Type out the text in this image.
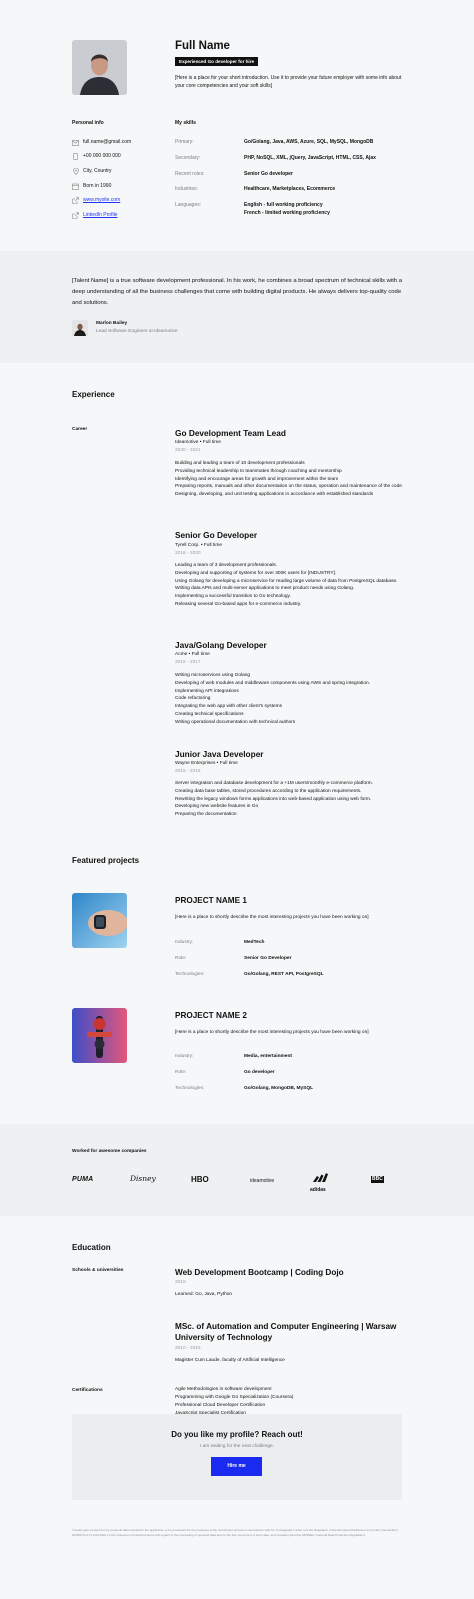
Full Name
Experienced Go developer for hire
[Here is a place for your short introduction. Use it to provide your future employer with some info about your core competencies and your soft skills]
Personal info
full.name@gmail.com
+00 000 000 000
City, Country
Born in 1990
www.mysite.com
LinkedIn Profile
My skills
Primary:	Go/Golang, Java, AWS, Azure, SQL, MySQL, MongoDB
Secondary:	PHP, NoSQL, XML, jQuery, JavaScript, HTML, CSS, Ajax
Recent roles:	Senior Go developer
Industries:	Healthcare, Marketplaces, Ecommerce
Languages:	English - full working proficiency
French - limited working proficiency
[Talent Name] is a true software development professional. In his work, he combines a broad spectrum of technical skills with a deep understanding of all the business challenges that come with building digital products. He always delivers top-quality code and solutions.
Marlon Bailey
Lead Software Engineer at Ideamotive
Experience
Career	Go Development Team Lead
Ideamotive • Full time
2020 - 2021
Building and leading a team of 10 development professionals
Providing technical leadership to teammates through coaching and mentorship
Identifying and encourage areas for growth and improvement within the team
Preparing reports, manuals and other documentation on the status, operation and maintenance of the code
Designing, developing, and unit testing applications in accordance with established standards
Senior Go Developer
Tyrell Corp. • Full time
2018 - 2020
Leading a team of 3 development professionals.
Developing and supporting of systems for over 300K users for [INDUSTRY].
Using Golang for developing a microservice for reading large volume of data from PostgreSQL database.
Writing data APIs and multi-server applications to meet product needs using Golang.
Implementing a successful transition to Go technology.
Releasing several Go-based apps for e-commerce industry.
Java/Golang Developer
Acme • Full time
2016 - 2017
Writing microservices using Golang
Developing of web modules and middleware components using AWS and spring integration.
Implementing API integrations
Code refactoring
Integrating the web app with other client's systems
Creating technical specifications
Writing operational documentation with technical authors
Junior Java Developer
Wayne Enterprises • Full time
2015 - 2016
Server integration and database development for a +1M users/monthly e-commerce platform.
Creating data base tables, stored procedures according to the application requirements.
Rewriting the legacy windows forms applications into web-based application using web form.
Developing new website features in Go
Preparing the documentation
Featured projects
PROJECT NAME 1
[Here is a place to shortly describe the most interesting projects you have been working on]
Industry:	MedTech
Role:	Senior Go Developer
Technologies:	Go/Golang, REST API, PostgreSQL
PROJECT NAME 2
[Here is a place to shortly describe the most interesting projects you have been working on]
Industry:	Media, entertainment
Role:	Go developer
Technologies:	Go/Golang, MongoDB, MySQL
Worked for awesome companies
PUMA	Disney	HBO	ideamotive
adidas
BBC
Education
Schools & universities	Web Development Bootcamp | Coding Dojo
2016
Learned: Go, Java, Python
MSc. of Automation and Computer Engineering | Warsaw University of Technology
2010 - 2015
Magister Cum Laude, faculty of Artificial Intelligence
Certifications	Agile Methodologies in software development
Programming with Google Go Specialization (Coursera)
Professional Cloud Developer Certification
Do you like my profile? Reach out!
I am waiting for the next challenge.
Hire me
I hereby give consent for my personal data included in the application to be processed for the purposes of the recruitment process in accordance with Art. 6 paragraph 1 letter a of the Regulation of the European Parliament and of the Council (EU) 2016/679 of 27 April 2016 on the protection of natural persons with regard to the processing of personal data and on the free movement of such data, and repealing Directive 95/46/EC (General Data Protection Regulation).
